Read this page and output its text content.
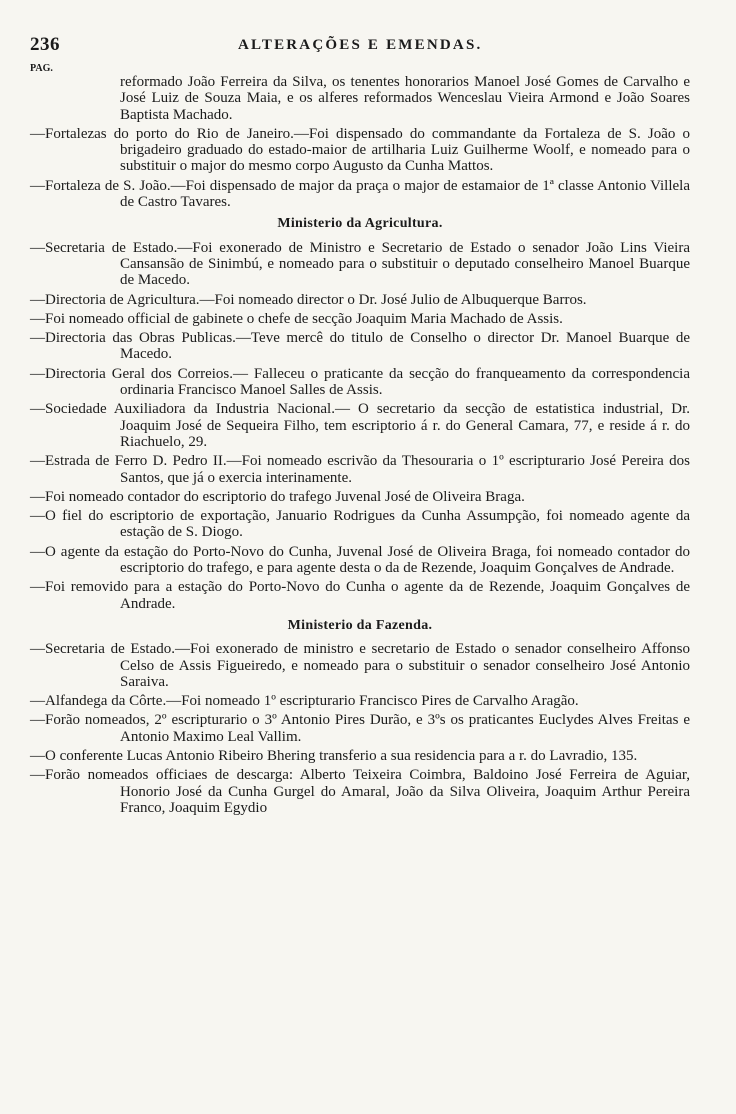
236	ALTERAÇÕES E EMENDAS.
PAG.
reformado João Ferreira da Silva, os tenentes honorarios Manoel José Gomes de Carvalho e José Luiz de Souza Maia, e os alferes reformados Wenceslau Vieira Armond e João Soares Baptista Machado.
—Fortalezas do porto do Rio de Janeiro.—Foi dispensado do commandante da Fortaleza de S. João o brigadeiro graduado do estado-maior de artilharia Luiz Guilherme Woolf, e nomeado para o substituir o major do mesmo corpo Augusto da Cunha Mattos.
—Fortaleza de S. João.—Foi dispensado de major da praça o major de estamaior de 1ª classe Antonio Villela de Castro Tavares.
Ministerio da Agricultura.
—Secretaria de Estado.—Foi exonerado de Ministro e Secretario de Estado o senador João Lins Vieira Cansansão de Sinimbú, e nomeado para o substituir o deputado conselheiro Manoel Buarque de Macedo.
—Directoria de Agricultura.—Foi nomeado director o Dr. José Julio de Albuquerque Barros.
—Foi nomeado official de gabinete o chefe de secção Joaquim Maria Machado de Assis.
—Directoria das Obras Publicas.—Teve mercê do titulo de Conselho o director Dr. Manoel Buarque de Macedo.
—Directoria Geral dos Correios.— Falleceu o praticante da secção do franqueamento da correspondencia ordinaria Francisco Manoel Salles de Assis.
—Sociedade Auxiliadora da Industria Nacional.— O secretario da secção de estatistica industrial, Dr. Joaquim José de Sequeira Filho, tem escriptorio á r. do General Camara, 77, e reside á r. do Riachuelo, 29.
—Estrada de Ferro D. Pedro II.—Foi nomeado escrivão da Thesouraria o 1º escripturario José Pereira dos Santos, que já o exercia interinamente.
—Foi nomeado contador do escriptorio do trafego Juvenal José de Oliveira Braga.
—O fiel do escriptorio de exportação, Januario Rodrigues da Cunha Assumpção, foi nomeado agente da estação de S. Diogo.
—O agente da estação do Porto-Novo do Cunha, Juvenal José de Oliveira Braga, foi nomeado contador do escriptorio do trafego, e para agente desta o da de Rezende, Joaquim Gonçalves de Andrade.
—Foi removido para a estação do Porto-Novo do Cunha o agente da de Rezende, Joaquim Gonçalves de Andrade.
Ministerio da Fazenda.
—Secretaria de Estado.—Foi exonerado de ministro e secretario de Estado o senador conselheiro Affonso Celso de Assis Figueiredo, e nomeado para o substituir o senador conselheiro José Antonio Saraiva.
—Alfandega da Côrte.—Foi nomeado 1º escripturario Francisco Pires de Carvalho Aragão.
—Forão nomeados, 2º escripturario o 3º Antonio Pires Durão, e 3ºs os praticantes Euclydes Alves Freitas e Antonio Maximo Leal Vallim.
—O conferente Lucas Antonio Ribeiro Bhering transferio a sua residencia para a r. do Lavradio, 135.
—Forão nomeados officiaes de descarga: Alberto Teixeira Coimbra, Baldoino José Ferreira de Aguiar, Honorio José da Cunha Gurgel do Amaral, João da Silva Oliveira, Joaquim Arthur Pereira Franco, Joaquim Egydio
